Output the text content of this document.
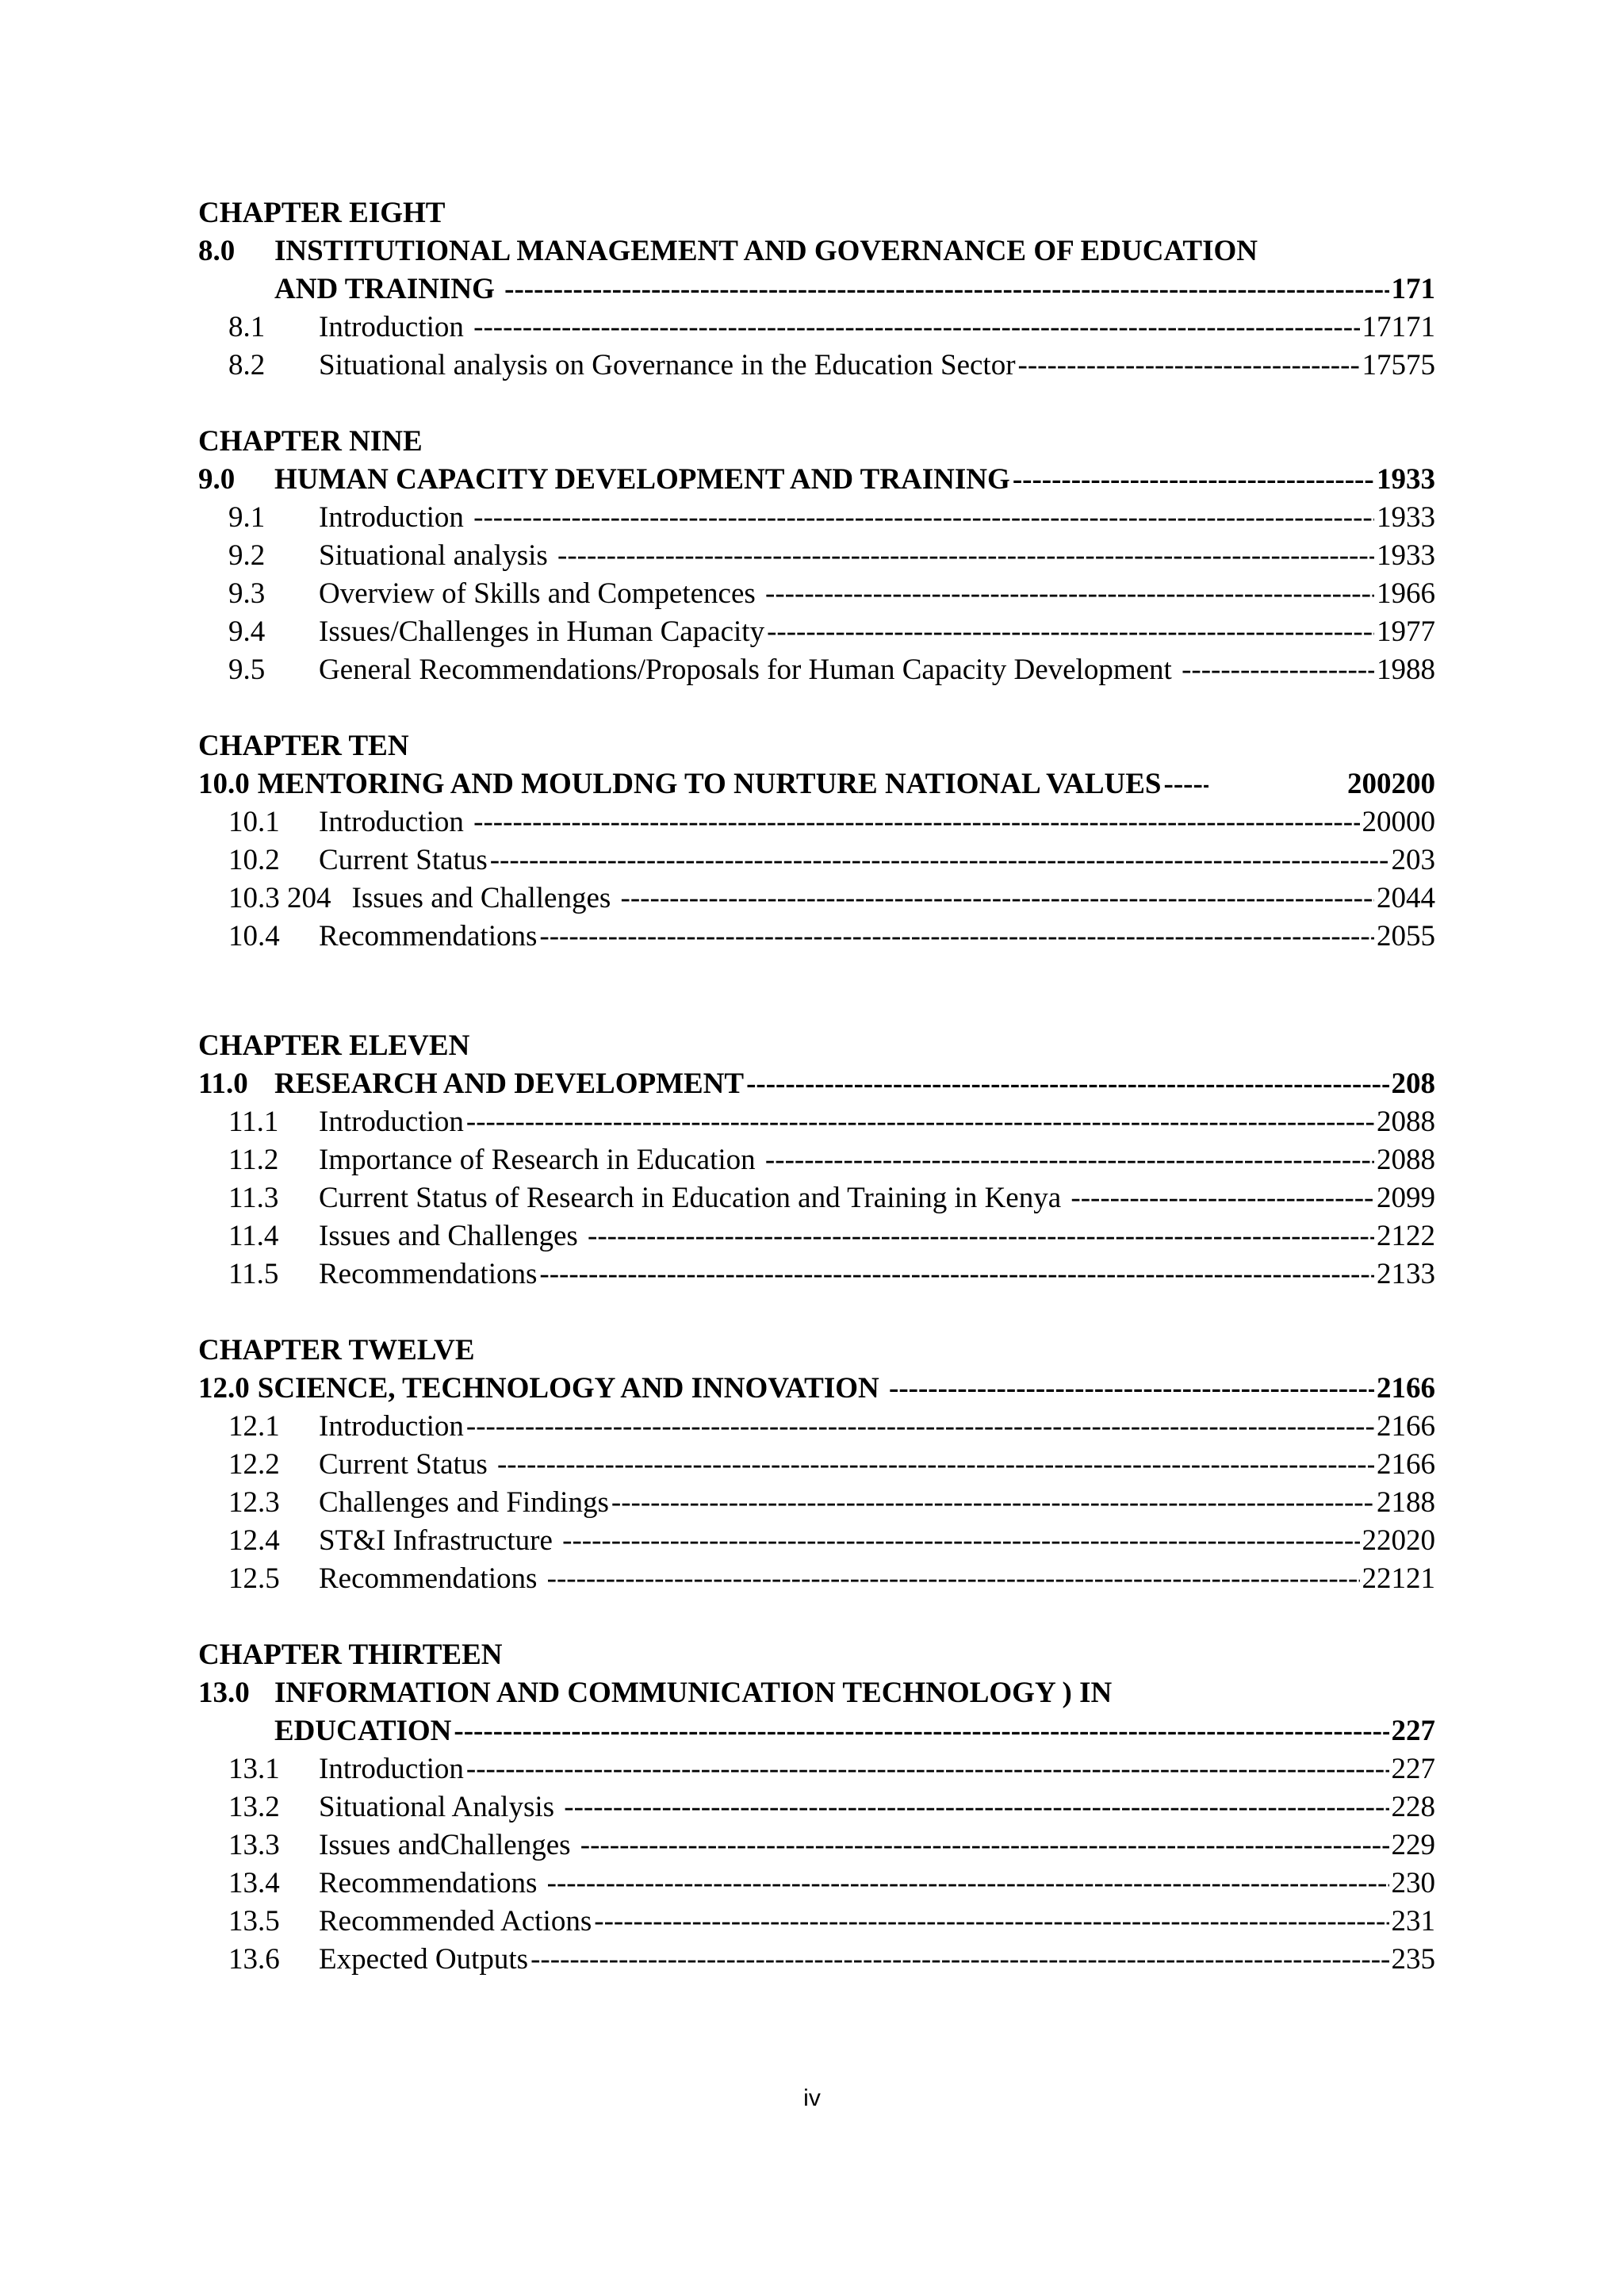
CHAPTER EIGHT
8.0	INSTITUTIONAL MANAGEMENT AND GOVERNANCE OF EDUCATION
AND TRAINING -----	171
8.1	Introduction -----	17171
8.2	Situational analysis on Governance in the Education Sector -----	17575
CHAPTER NINE
9.0	HUMAN CAPACITY DEVELOPMENT AND TRAINING -----	1933
9.1	Introduction -----	1933
9.2	Situational analysis -----	1933
9.3	Overview of Skills and Competences -----	1966
9.4	Issues/Challenges in Human Capacity -----	1977
9.5	General Recommendations/Proposals for Human Capacity Development -----	1988
CHAPTER TEN
10.0 MENTORING AND MOULDNG TO NURTURE NATIONAL VALUES -----	200200
10.1	Introduction -----	20000
10.2	Current Status -----	203
10.3 204 Issues and Challenges -----	2044
10.4	Recommendations -----	2055
CHAPTER ELEVEN
11.0 RESEARCH AND DEVELOPMENT -----	208
11.1	Introduction -----	2088
11.2	Importance of Research in Education -----	2088
11.3	Current Status of Research in Education and Training in Kenya -----	2099
11.4	Issues and Challenges -----	2122
11.5	Recommendations -----	2133
CHAPTER TWELVE
12.0 SCIENCE, TECHNOLOGY AND INNOVATION -----	2166
12.1	Introduction -----	2166
12.2	Current Status -----	2166
12.3	Challenges and Findings -----	2188
12.4	ST&I Infrastructure -----	22020
12.5	Recommendations -----	22121
CHAPTER THIRTEEN
13.0 INFORMATION AND COMMUNICATION TECHNOLOGY ) IN
EDUCATION -----	227
13.1	Introduction -----	227
13.2	Situational Analysis -----	228
13.3	Issues andChallenges -----	229
13.4	Recommendations -----	230
13.5	Recommended Actions -----	231
13.6	Expected Outputs -----	235
iv
